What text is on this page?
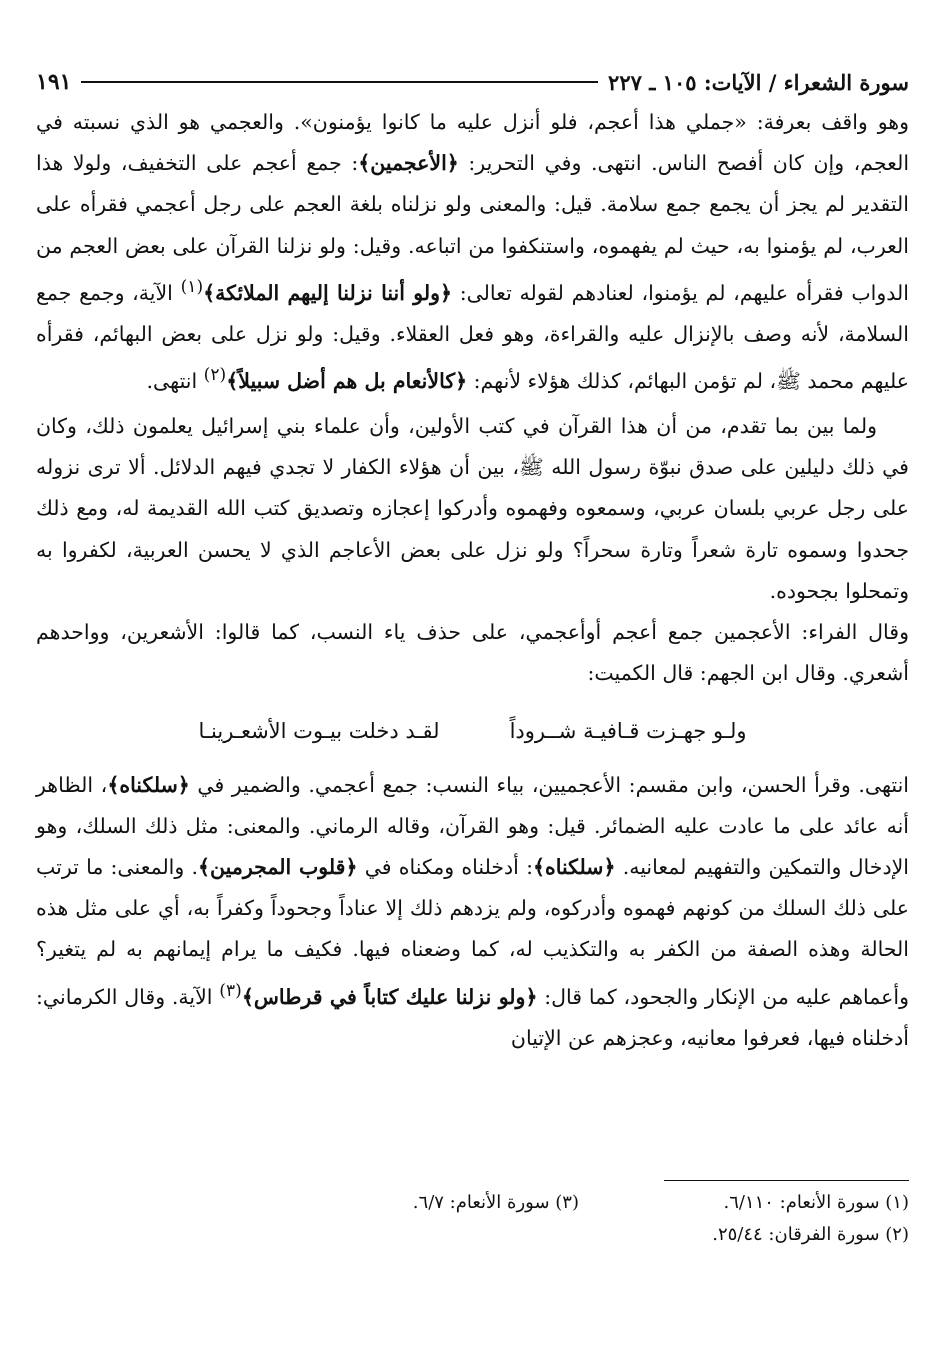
سورة الشعراء / الآيات: ١٠٥ ـ ٢٢٧
١٩١

وهو واقف بعرفة: «جملي هذا أعجم، فلو أنزل عليه ما كانوا يؤمنون». والعجمي هو الذي نسبته في العجم، وإن كان أفصح الناس. انتهى. وفي التحرير: ﴿الأعجمين﴾: جمع أعجم على التخفيف، ولولا هذا التقدير لم يجز أن يجمع جمع سلامة. قيل: والمعنى ولو نزلناه بلغة العجم على رجل أعجمي فقرأه على العرب، لم يؤمنوا به، حيث لم يفهموه، واستنكفوا من اتباعه. وقيل: ولو نزلنا القرآن على بعض العجم من الدواب فقرأه عليهم، لم يؤمنوا، لعنادهم لقوله تعالى: ﴿ولو أننا نزلنا إليهم الملائكة﴾$^{(١)}$ الآية، وجمع جمع السلامة، لأنه وصف بالإنزال عليه والقراءة، وهو فعل العقلاء. وقيل: ولو نزل على بعض البهائم، فقرأه عليهم محمد ﷺ، لم تؤمن البهائم، كذلك هؤلاء لأنهم: ﴿كالأنعام بل هم أضل سبيلاً﴾$^{(٢)}$ انتهى.

ولما بين بما تقدم، من أن هذا القرآن في كتب الأولين، وأن علماء بني إسرائيل يعلمون ذلك، وكان في ذلك دليلين على صدق نبوّة رسول الله ﷺ، بين أن هؤلاء الكفار لا تجدي فيهم الدلائل. ألا ترى نزوله على رجل عربي بلسان عربي، وسمعوه وفهموه وأدركوا إعجازه وتصديق كتب الله القديمة له، ومع ذلك جحدوا وسموه تارة شعراً وتارة سحراً؟ ولو نزل على بعض الأعاجم الذي لا يحسن العربية، لكفروا به وتمحلوا بجحوده.

وقال الفراء: الأعجمين جمع أعجم أوأعجمي، على حذف ياء النسب، كما قالوا: الأشعرين، وواحدهم أشعري. وقال ابن الجهم: قال الكميت:

ولـو جهـزت قـافيـة شــروداً
لقـد دخلت بيـوت الأشعـرينـا

انتهى. وقرأ الحسن، وابن مقسم: الأعجميين، بياء النسب: جمع أعجمي. والضمير في ﴿سلكناه﴾، الظاهر أنه عائد على ما عادت عليه الضمائر. قيل: وهو القرآن، وقاله الرماني. والمعنى: مثل ذلك السلك، وهو الإدخال والتمكين والتفهيم لمعانيه. ﴿سلكناه﴾: أدخلناه ومكناه في ﴿قلوب المجرمين﴾. والمعنى: ما ترتب على ذلك السلك من كونهم فهموه وأدركوه، ولم يزدهم ذلك إلا عناداً وجحوداً وكفراً به، أي على مثل هذه الحالة وهذه الصفة من الكفر به والتكذيب له، كما وضعناه فيها. فكيف ما يرام إيمانهم به لم يتغير؟ وأعماهم عليه من الإنكار والجحود، كما قال: ﴿ولو نزلنا عليك كتاباً في قرطاس﴾$^{(٣)}$ الآية. وقال الكرماني: أدخلناه فيها، فعرفوا معانيه، وعجزهم عن الإتيان

(١) سورة الأنعام: ٦/١١٠.
(٣) سورة الأنعام: ٦/٧.
(٢) سورة الفرقان: ٢٥/٤٤.
